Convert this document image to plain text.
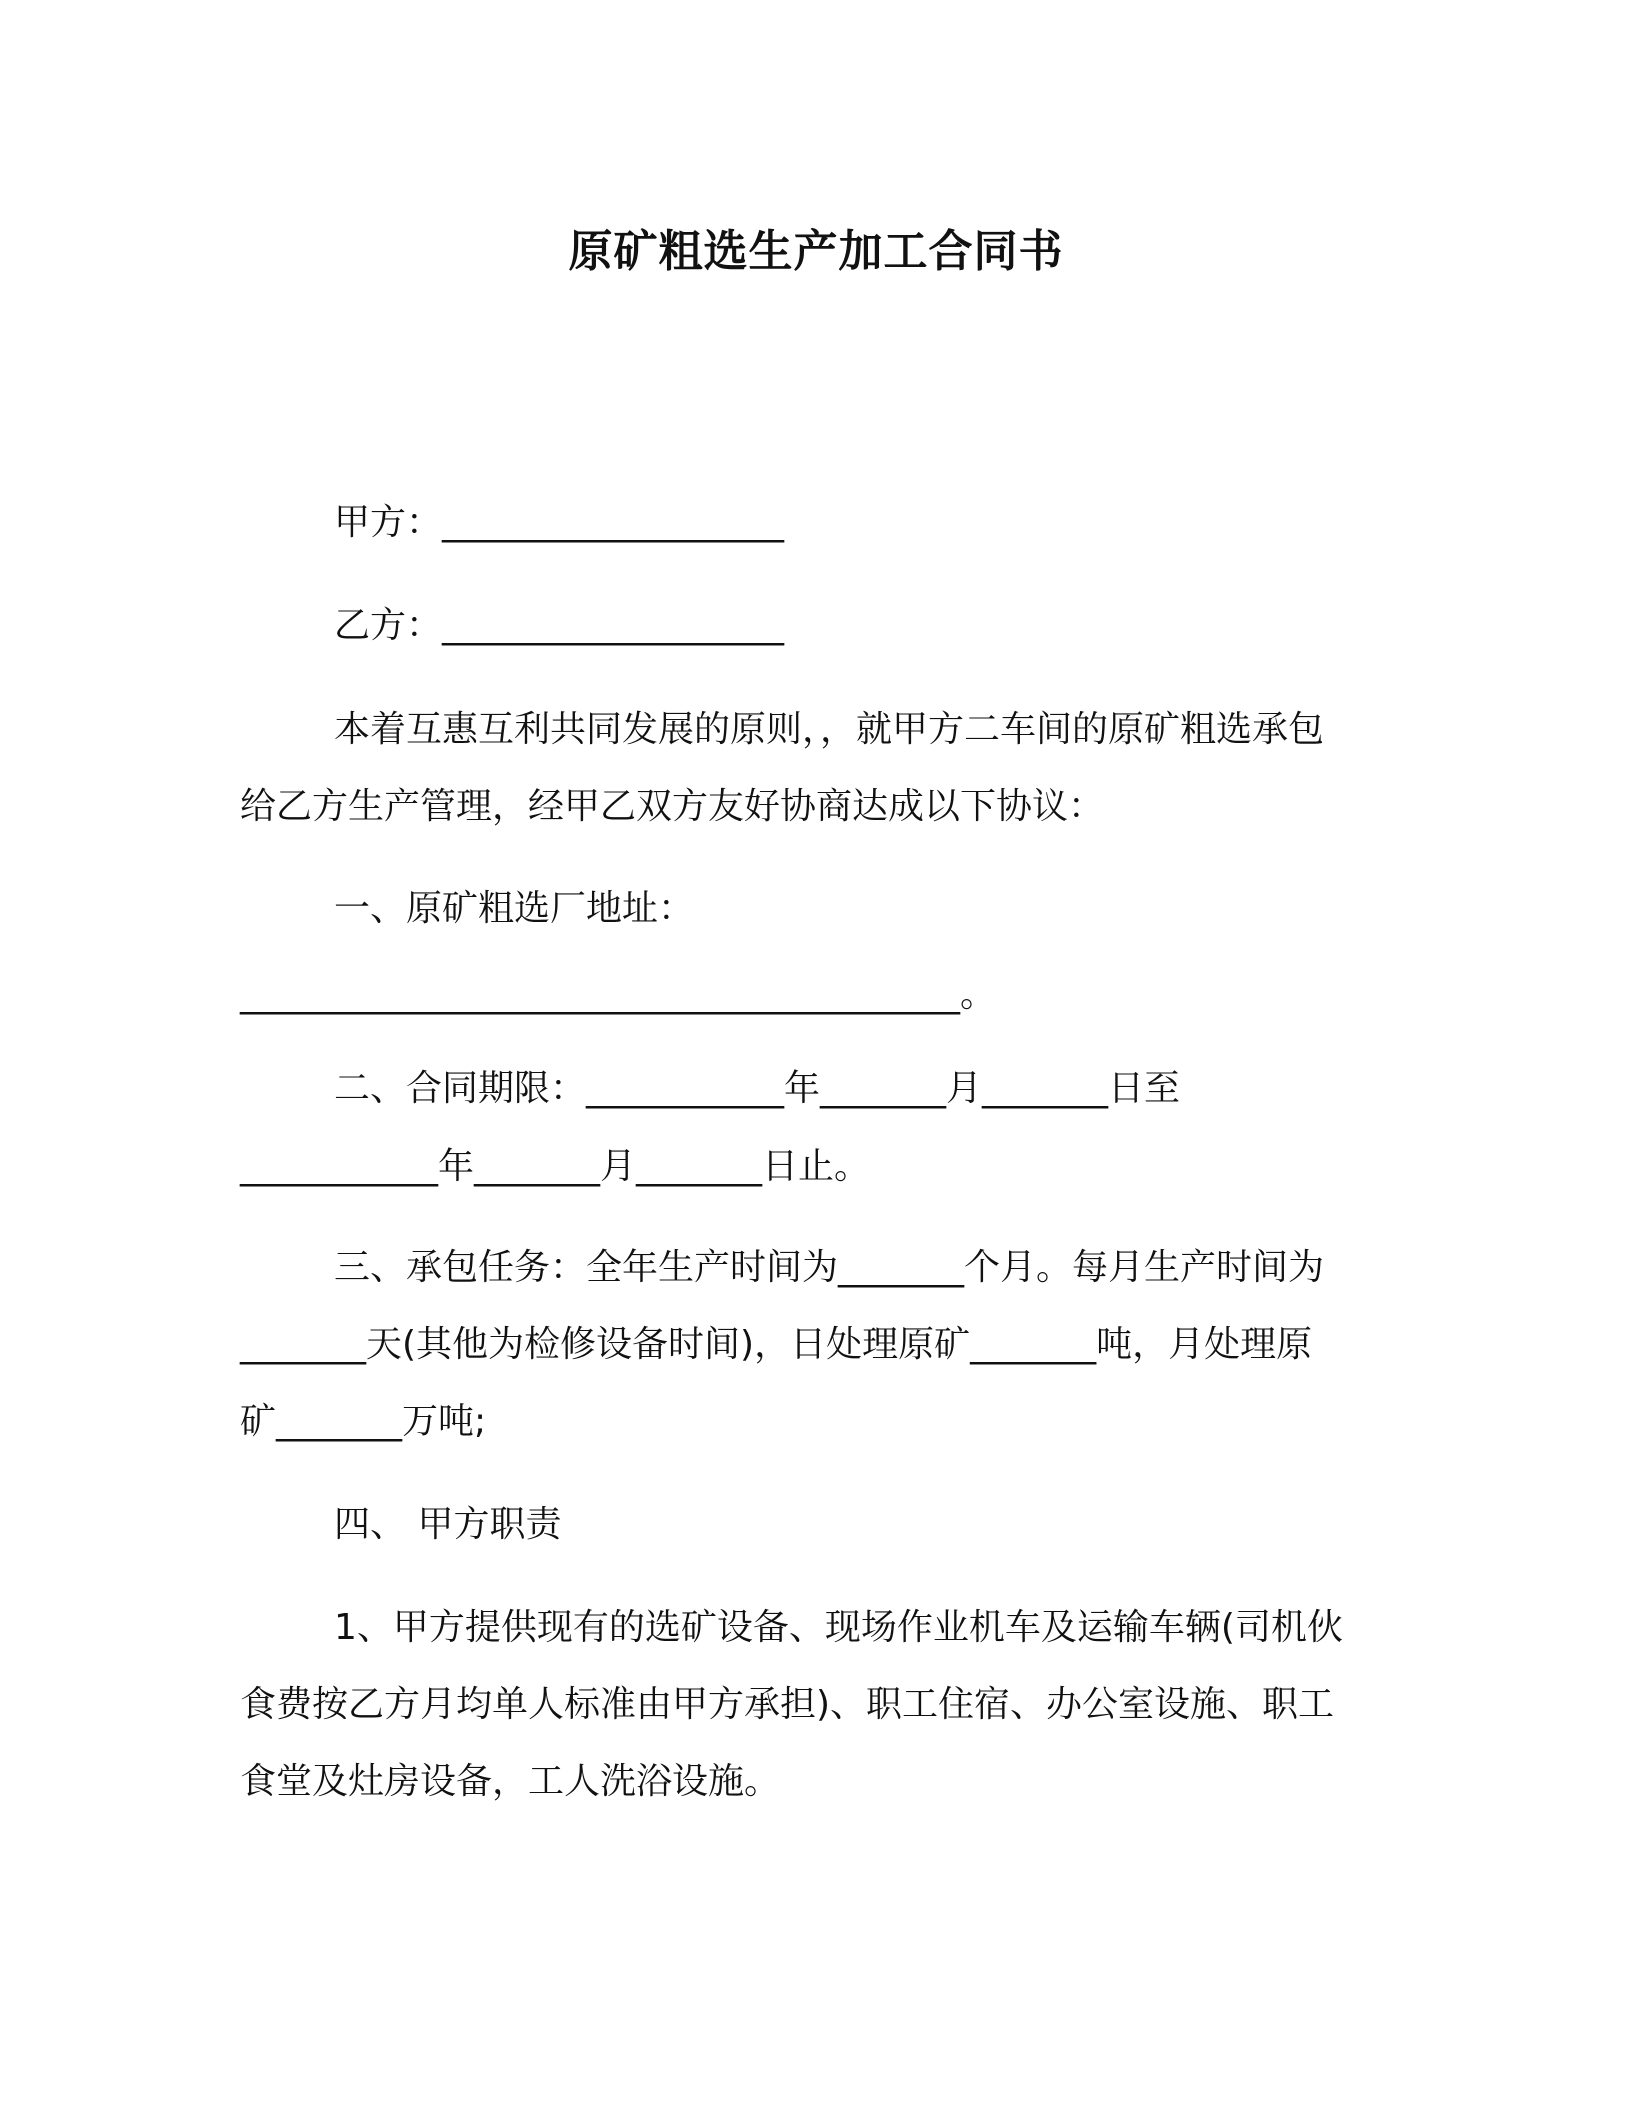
原矿粗选生产加工合同书

甲方：___________________

乙方：___________________

本着互惠互利共同发展的原则，，就甲方二车间的原矿粗选承包

给乙方生产管理，经甲乙双方友好协商达成以下协议：

一、原矿粗选厂地址：

________________________________________。

二、合同期限：___________年_______月_______日至

___________年_______月_______日止。

三、承包任务：全年生产时间为_______个月。每月生产时间为

_______天(其他为检修设备时间)，日处理原矿_______吨，月处理原

矿_______万吨;

四、 甲方职责

1、甲方提供现有的选矿设备、现场作业机车及运输车辆(司机伙

食费按乙方月均单人标准由甲方承担)、职工住宿、办公室设施、职工

食堂及灶房设备，工人洗浴设施。
